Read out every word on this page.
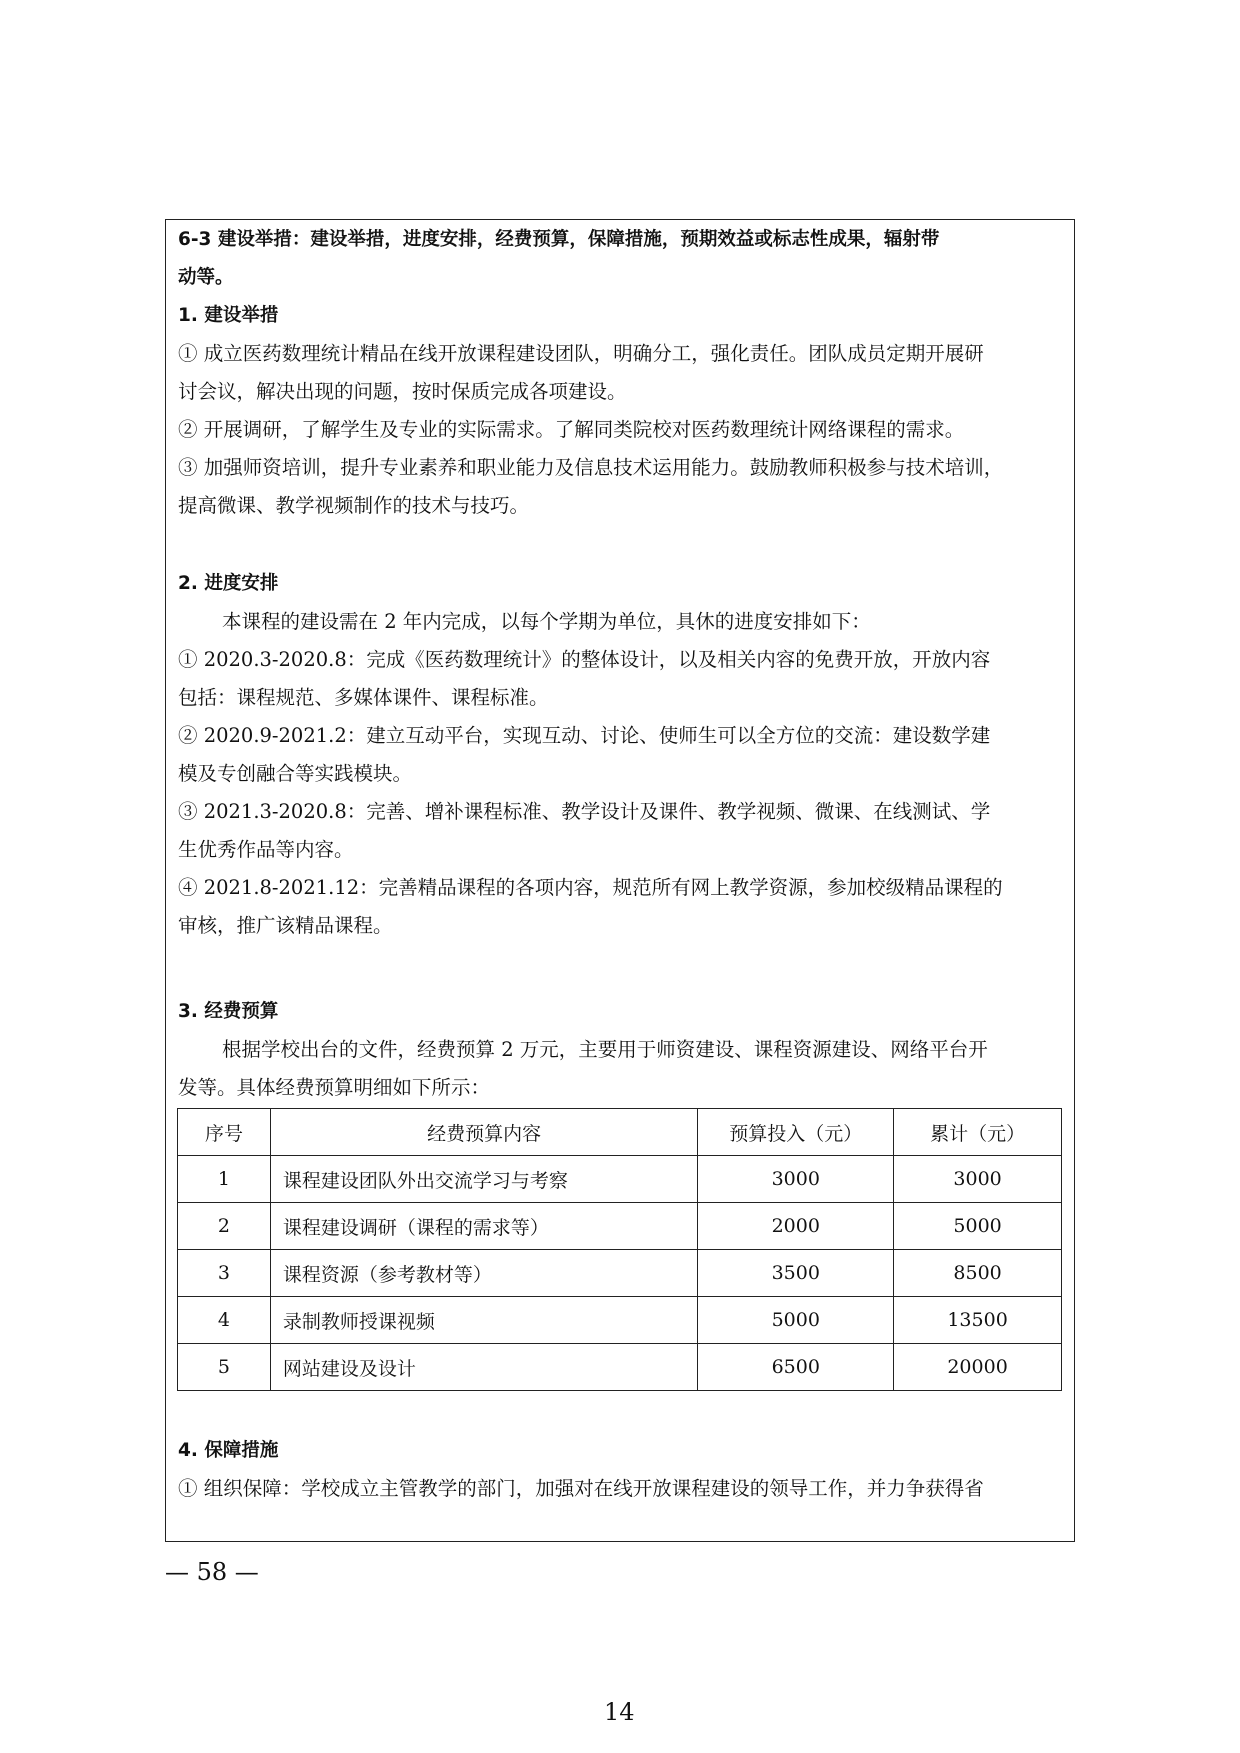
6-3 建设举措：建设举措，进度安排，经费预算，保障措施，预期效益或标志性成果，辐射带
动等。
1. 建设举措
① 成立医药数理统计精品在线开放课程建设团队，明确分工，强化责任。团队成员定期开展研
讨会议，解决出现的问题，按时保质完成各项建设。
② 开展调研，了解学生及专业的实际需求。了解同类院校对医药数理统计网络课程的需求。
③ 加强师资培训，提升专业素养和职业能力及信息技术运用能力。鼓励教师积极参与技术培训，
提高微课、教学视频制作的技术与技巧。
2. 进度安排
本课程的建设需在 2 年内完成，以每个学期为单位，具休的进度安排如下：
① 2020.3-2020.8：完成《医药数理统计》的整体设计，以及相关内容的免费开放，开放内容
包括：课程规范、多媒体课件、课程标准。
② 2020.9-2021.2：建立互动平台，实现互动、讨论、使师生可以全方位的交流：建设数学建
模及专创融合等实践模块。
③ 2021.3-2020.8：完善、增补课程标准、教学设计及课件、教学视频、微课、在线测试、学
生优秀作品等内容。
④ 2021.8-2021.12：完善精品课程的各项内容，规范所有网上教学资源，参加校级精品课程的
审核，推广该精品课程。
3. 经费预算
根据学校出台的文件，经费预算 2 万元，主要用于师资建设、课程资源建设、网络平台开
发等。具体经费预算明细如下所示：
序号	经费预算内容	预算投入（元）	累计（元）
1	课程建设团队外出交流学习与考察	3000	3000
2	课程建设调研（课程的需求等）	2000	5000
3	课程资源（参考教材等）	3500	8500
4	录制教师授课视频	5000	13500
5	网站建设及设计	6500	20000
4. 保障措施
① 组织保障：学校成立主管教学的部门，加强对在线开放课程建设的领导工作，并力争获得省
— 58 —
14
